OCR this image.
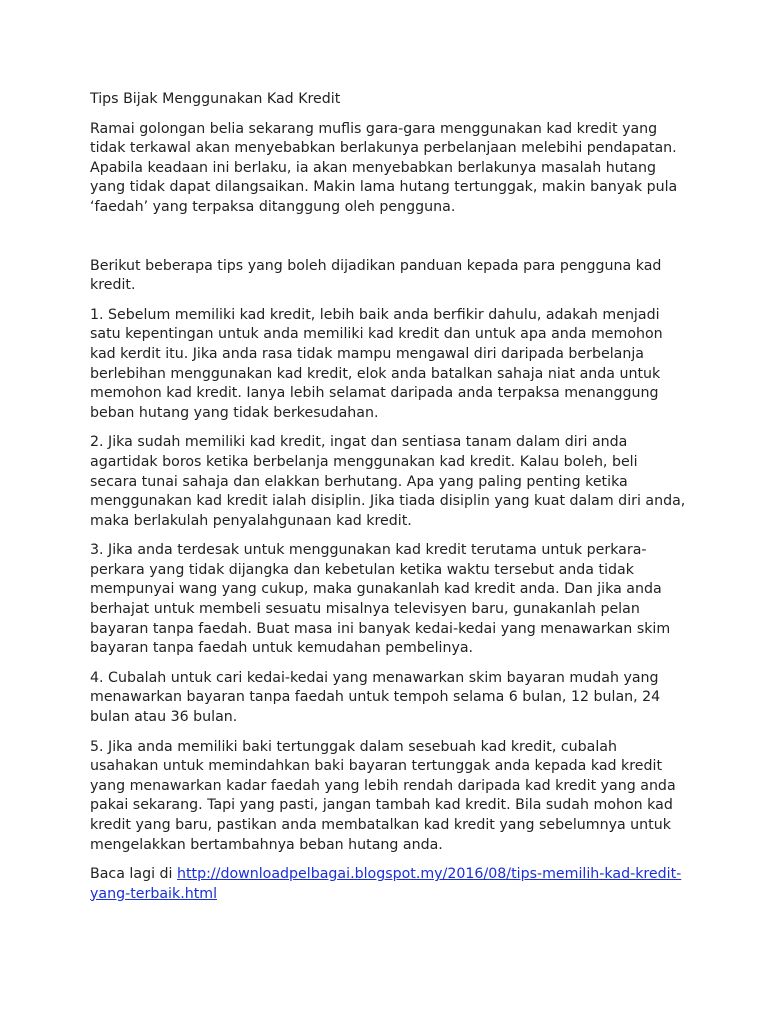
Tips Bijak Menggunakan Kad Kredit

Ramai golongan belia sekarang muflis gara-gara menggunakan kad kredit yang tidak terkawal akan menyebabkan berlakunya perbelanjaan melebihi pendapatan. Apabila keadaan ini berlaku, ia akan menyebabkan berlakunya masalah hutang yang tidak dapat dilangsaikan. Makin lama hutang tertunggak, makin banyak pula ‘faedah’ yang terpaksa ditanggung oleh pengguna.

Berikut beberapa tips yang boleh dijadikan panduan kepada para pengguna kad kredit.

1. Sebelum memiliki kad kredit, lebih baik anda berfikir dahulu, adakah menjadi satu kepentingan untuk anda memiliki kad kredit dan untuk apa anda memohon kad kerdit itu. Jika anda rasa tidak mampu mengawal diri daripada berbelanja berlebihan menggunakan kad kredit, elok anda batalkan sahaja niat anda untuk memohon kad kredit. Ianya lebih selamat daripada anda terpaksa menanggung beban hutang yang tidak berkesudahan.

2. Jika sudah memiliki kad kredit, ingat dan sentiasa tanam dalam diri anda agartidak boros ketika berbelanja menggunakan kad kredit. Kalau boleh, beli secara tunai sahaja dan elakkan berhutang. Apa yang paling penting ketika menggunakan kad kredit ialah disiplin. Jika tiada disiplin yang kuat dalam diri anda, maka berlakulah penyalahgunaan kad kredit.

3. Jika anda terdesak untuk menggunakan kad kredit terutama untuk perkara-perkara yang tidak dijangka dan kebetulan ketika waktu tersebut anda tidak mempunyai wang yang cukup, maka gunakanlah kad kredit anda. Dan jika anda berhajat untuk membeli sesuatu misalnya televisyen baru, gunakanlah pelan bayaran tanpa faedah. Buat masa ini banyak kedai-kedai yang menawarkan skim bayaran tanpa faedah untuk kemudahan pembelinya.

4. Cubalah untuk cari kedai-kedai yang menawarkan skim bayaran mudah yang menawarkan bayaran tanpa faedah untuk tempoh selama 6 bulan, 12 bulan, 24 bulan atau 36 bulan.

5. Jika anda memiliki baki tertunggak dalam sesebuah kad kredit, cubalah usahakan untuk memindahkan baki bayaran tertunggak anda kepada kad kredit yang menawarkan kadar faedah yang lebih rendah daripada kad kredit yang anda pakai sekarang. Tapi yang pasti, jangan tambah kad kredit. Bila sudah mohon kad kredit yang baru, pastikan anda membatalkan kad kredit yang sebelumnya untuk mengelakkan bertambahnya beban hutang anda.

Baca lagi di http://downloadpelbagai.blogspot.my/2016/08/tips-memilih-kad-kredit-yang-terbaik.html
